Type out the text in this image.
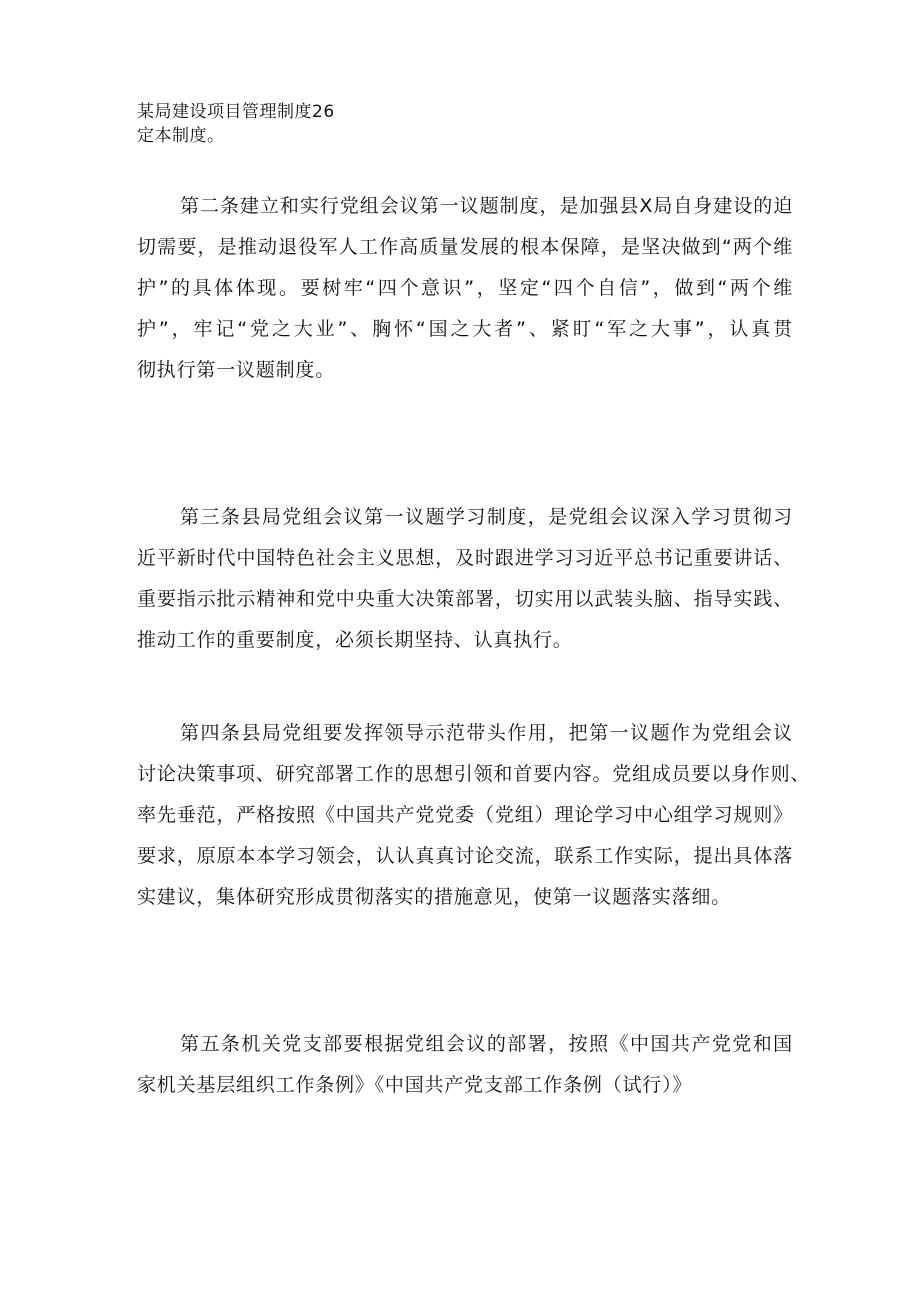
某局建设项目管理制度26
定本制度。
第二条建立和实行党组会议第一议题制度，是加强县X局自身建设的迫
切需要，是推动退役军人工作高质量发展的根本保障，是坚决做到“两个维
护”的具体体现。要树牢“四个意识”，坚定“四个自信”，做到“两个维
护”，牢记“党之大业”、胸怀“国之大者”、紧盯“军之大事”，认真贯
彻执行第一议题制度。
第三条县局党组会议第一议题学习制度，是党组会议深入学习贯彻习
近平新时代中国特色社会主义思想，及时跟进学习习近平总书记重要讲话、
重要指示批示精神和党中央重大决策部署，切实用以武装头脑、指导实践、
推动工作的重要制度，必须长期坚持、认真执行。
第四条县局党组要发挥领导示范带头作用，把第一议题作为党组会议
讨论决策事项、研究部署工作的思想引领和首要内容。党组成员要以身作则、
率先垂范，严格按照《中国共产党党委（党组）理论学习中心组学习规则》
要求，原原本本学习领会，认认真真讨论交流，联系工作实际，提出具体落
实建议，集体研究形成贯彻落实的措施意见，使第一议题落实落细。
第五条机关党支部要根据党组会议的部署，按照《中国共产党党和国
家机关基层组织工作条例》《中国共产党支部工作条例（试行）》
